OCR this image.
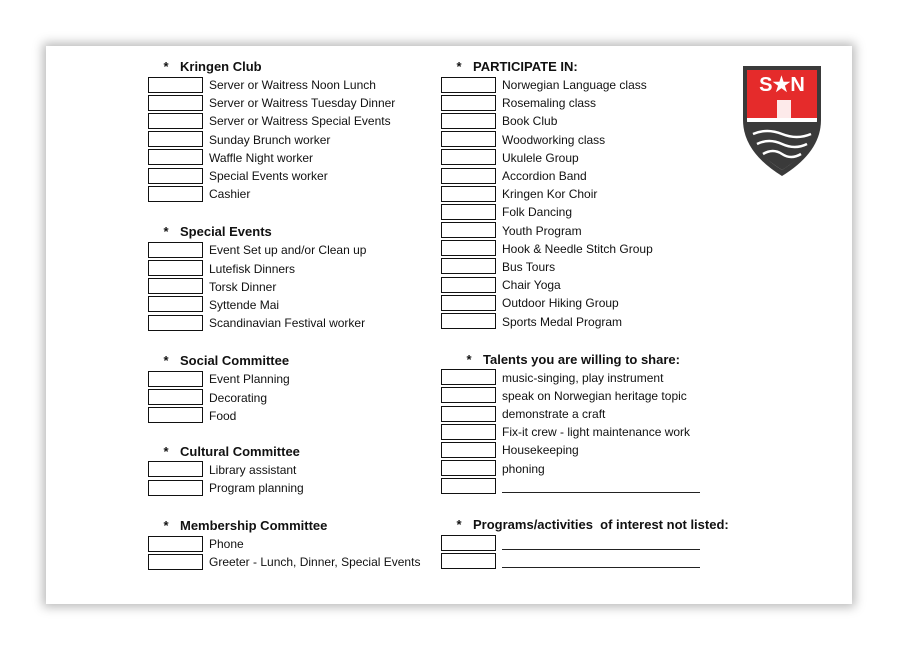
* Kringen Club
Server or Waitress Noon Lunch
Server or Waitress Tuesday Dinner
Server or Waitress Special Events
Sunday Brunch worker
Waffle Night worker
Special Events worker
Cashier
* Special Events
Event Set up and/or Clean up
Lutefisk Dinners
Torsk Dinner
Syttende Mai
Scandinavian Festival worker
* Social Committee
Event Planning
Decorating
Food
* Cultural Committee
Library assistant
Program planning
* Membership Committee
Phone
Greeter - Lunch, Dinner, Special Events
* PARTICIPATE IN:
Norwegian Language class
Rosemaling class
Book Club
Woodworking class
Ukulele Group
Accordion Band
Kringen Kor Choir
Folk Dancing
Youth Program
Hook & Needle Stitch Group
Bus Tours
Chair Yoga
Outdoor Hiking Group
Sports Medal Program
* Talents you are willing to share:
music-singing, play instrument
speak on Norwegian heritage topic
demonstrate a craft
Fix-it crew - light maintenance work
Housekeeping
phoning
* Programs/activities  of interest not listed:
S★N
